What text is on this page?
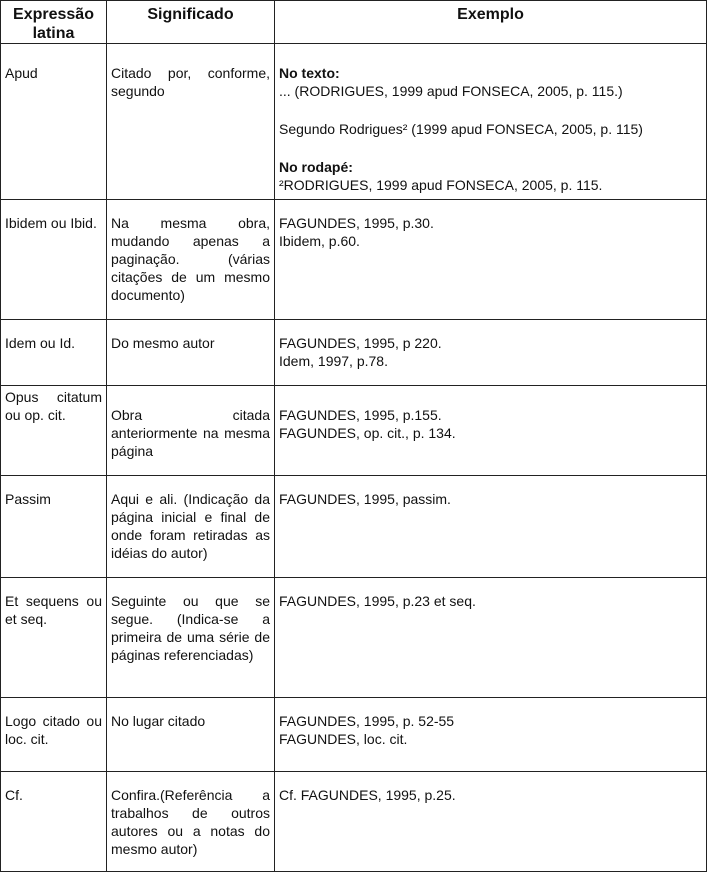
Expressão latina	Significado	Exemplo
Apud	Citado por, conforme, segundo	No texto:

... (RODRIGUES, 1999 apud FONSECA, 2005, p. 115.)

Segundo Rodrigues² (1999 apud FONSECA, 2005, p. 115)

No rodapé:

²RODRIGUES, 1999 apud FONSECA, 2005, p. 115.

Ibidem ou Ibid.	Na mesma obra, mudando apenas a paginação. (várias citações de um mesmo documento)	FAGUNDES, 1995, p.30.

Ibidem, p.60.

Idem ou Id.	Do mesmo autor	FAGUNDES, 1995, p 220.

Idem, 1997, p.78.

Opus citatum ou op. cit.	Obra citada anteriormente na mesma página	FAGUNDES, 1995, p.155.

FAGUNDES, op. cit., p. 134.

Passim	Aqui e ali. (Indicação da página inicial e final de onde foram retiradas as idéias do autor)	FAGUNDES, 1995, passim.

Et sequens ou et seq.	Seguinte ou que se segue. (Indica-se a primeira de uma série de páginas referenciadas)	FAGUNDES, 1995, p.23 et seq.

Logo citado ou loc. cit.	No lugar citado	FAGUNDES, 1995, p. 52-55

FAGUNDES, loc. cit.

Cf.	Confira.(Referência a trabalhos de outros autores ou a notas do mesmo autor)	Cf. FAGUNDES, 1995, p.25.
